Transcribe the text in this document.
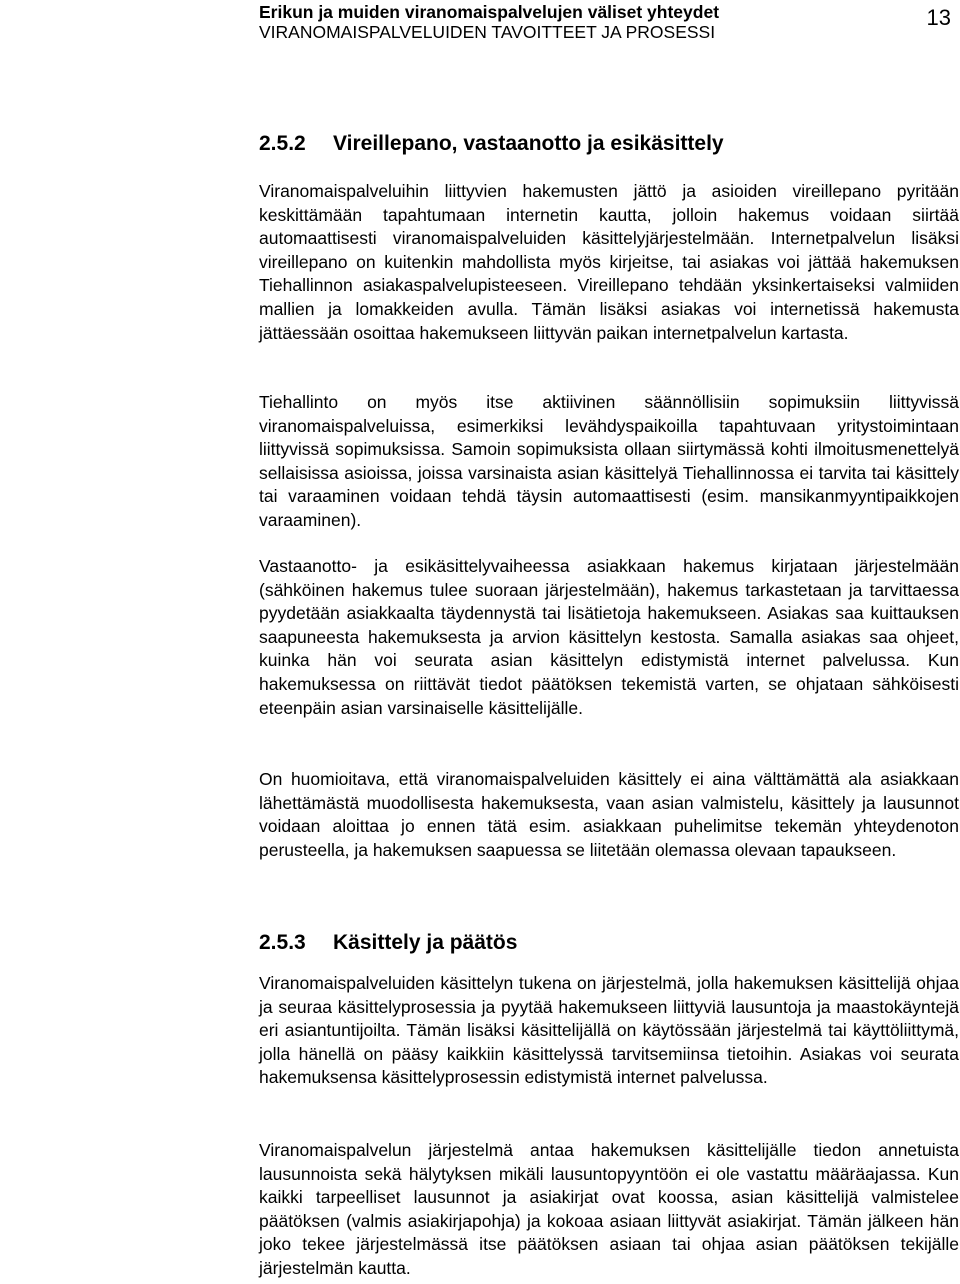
Erikun ja muiden viranomaispalvelujen väliset yhteydet
VIRANOMAISPALVELUIDEN TAVOITTEET JA PROSESSI
13
2.5.2 Vireillepano, vastaanotto ja esikäsittely

Viranomaispalveluihin liittyvien hakemusten jättö ja asioiden vireillepano pyritään keskittämään tapahtumaan internetin kautta, jolloin hakemus voidaan siirtää automaattisesti viranomaispalveluiden käsittelyjärjestelmään. Internetpalvelun lisäksi vireillepano on kuitenkin mahdollista myös kirjeitse, tai asiakas voi jättää hakemuksen Tiehallinnon asiakaspalvelupisteeseen. Vireillepano tehdään yksinkertaiseksi valmiiden mallien ja lomakkeiden avulla. Tämän lisäksi asiakas voi internetissä hakemusta jättäessään osoittaa hakemukseen liittyvän paikan internetpalvelun kartasta.

Tiehallinto on myös itse aktiivinen säännöllisiin sopimuksiin liittyvissä viranomaispalveluissa, esimerkiksi levähdyspaikoilla tapahtuvaan yritystoimintaan liittyvissä sopimuksissa. Samoin sopimuksista ollaan siirtymässä kohti ilmoitusmenettelyä sellaisissa asioissa, joissa varsinaista asian käsittelyä Tiehallinnossa ei tarvita tai käsittely tai varaaminen voidaan tehdä täysin automaattisesti (esim. mansikanmyyntipaikkojen varaaminen).

Vastaanotto- ja esikäsittelyvaiheessa asiakkaan hakemus kirjataan järjestelmään (sähköinen hakemus tulee suoraan järjestelmään), hakemus tarkastetaan ja tarvittaessa pyydetään asiakkaalta täydennystä tai lisätietoja hakemukseen. Asiakas saa kuittauksen saapuneesta hakemuksesta ja arvion käsittelyn kestosta. Samalla asiakas saa ohjeet, kuinka hän voi seurata asian käsittelyn edistymistä internet palvelussa. Kun hakemuksessa on riittävät tiedot päätöksen tekemistä varten, se ohjataan sähköisesti eteenpäin asian varsinaiselle käsittelijälle.

On huomioitava, että viranomaispalveluiden käsittely ei aina välttämättä ala asiakkaan lähettämästä muodollisesta hakemuksesta, vaan asian valmistelu, käsittely ja lausunnot voidaan aloittaa jo ennen tätä esim. asiakkaan puhelimitse tekemän yhteydenoton perusteella, ja hakemuksen saapuessa se liitetään olemassa olevaan tapaukseen.

2.5.3 Käsittely ja päätös

Viranomaispalveluiden käsittelyn tukena on järjestelmä, jolla hakemuksen käsittelijä ohjaa ja seuraa käsittelyprosessia ja pyytää hakemukseen liittyviä lausuntoja ja maastokäyntejä eri asiantuntijoilta. Tämän lisäksi käsittelijällä on käytössään järjestelmä tai käyttöliittymä, jolla hänellä on pääsy kaikkiin käsittelyssä tarvitsemiinsa tietoihin. Asiakas voi seurata hakemuksensa käsittelyprosessin edistymistä internet palvelussa.

Viranomaispalvelun järjestelmä antaa hakemuksen käsittelijälle tiedon annetuista lausunnoista sekä hälytyksen mikäli lausuntopyyntöön ei ole vastattu määräajassa. Kun kaikki tarpeelliset lausunnot ja asiakirjat ovat koossa, asian käsittelijä valmistelee päätöksen (valmis asiakirjapohja) ja kokoaa asiaan liittyvät asiakirjat. Tämän jälkeen hän joko tekee järjestelmässä itse päätöksen asiaan tai ohjaa asian päätöksen tekijälle järjestelmän kautta.
